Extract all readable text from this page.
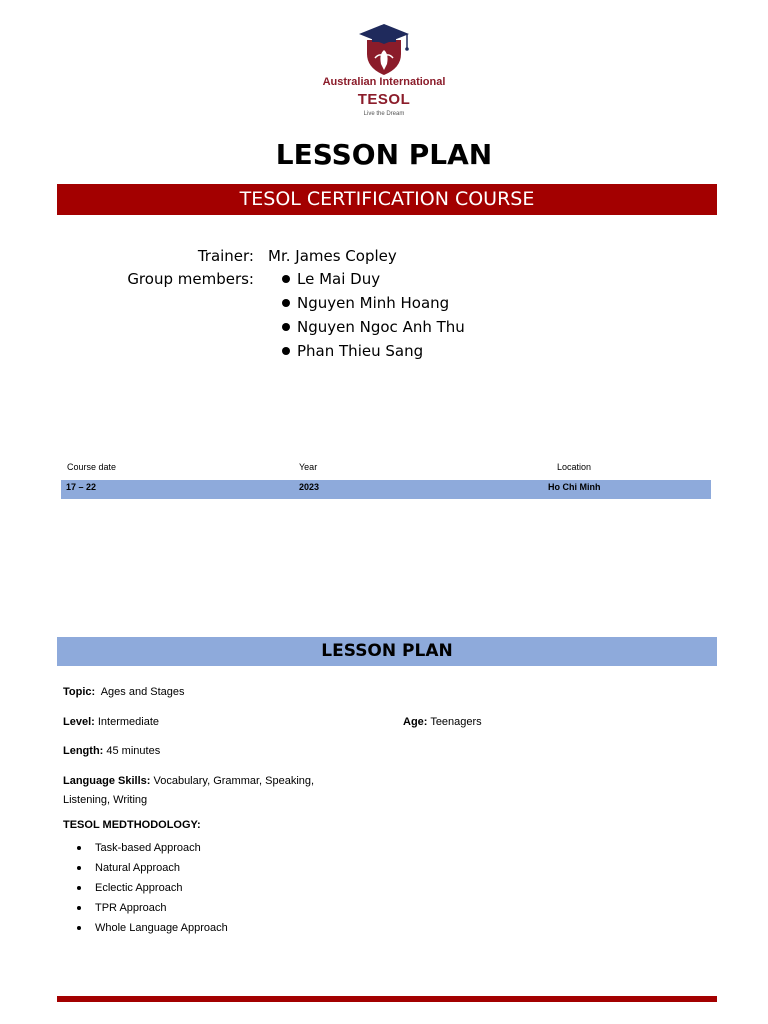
Australian International
TESOL
Live the Dream
LESSON PLAN
TESOL CERTIFICATION COURSE
Trainer: Mr. James Copley
Group members:	Le Mai Duy
Nguyen Minh Hoang
Nguyen Ngoc Anh Thu
Phan Thieu Sang
Course date	Year	Location
17 – 22	2023	Ho Chi Minh
LESSON PLAN
Topic: Ages and Stages
Level: Intermediate	Age: Teenagers
Length: 45 minutes
Language Skills: Vocabulary, Grammar, Speaking,
Listening, Writing
TESOL MEDTHODOLOGY:
Task-based Approach
Natural Approach
Eclectic Approach
TPR Approach
Whole Language Approach
